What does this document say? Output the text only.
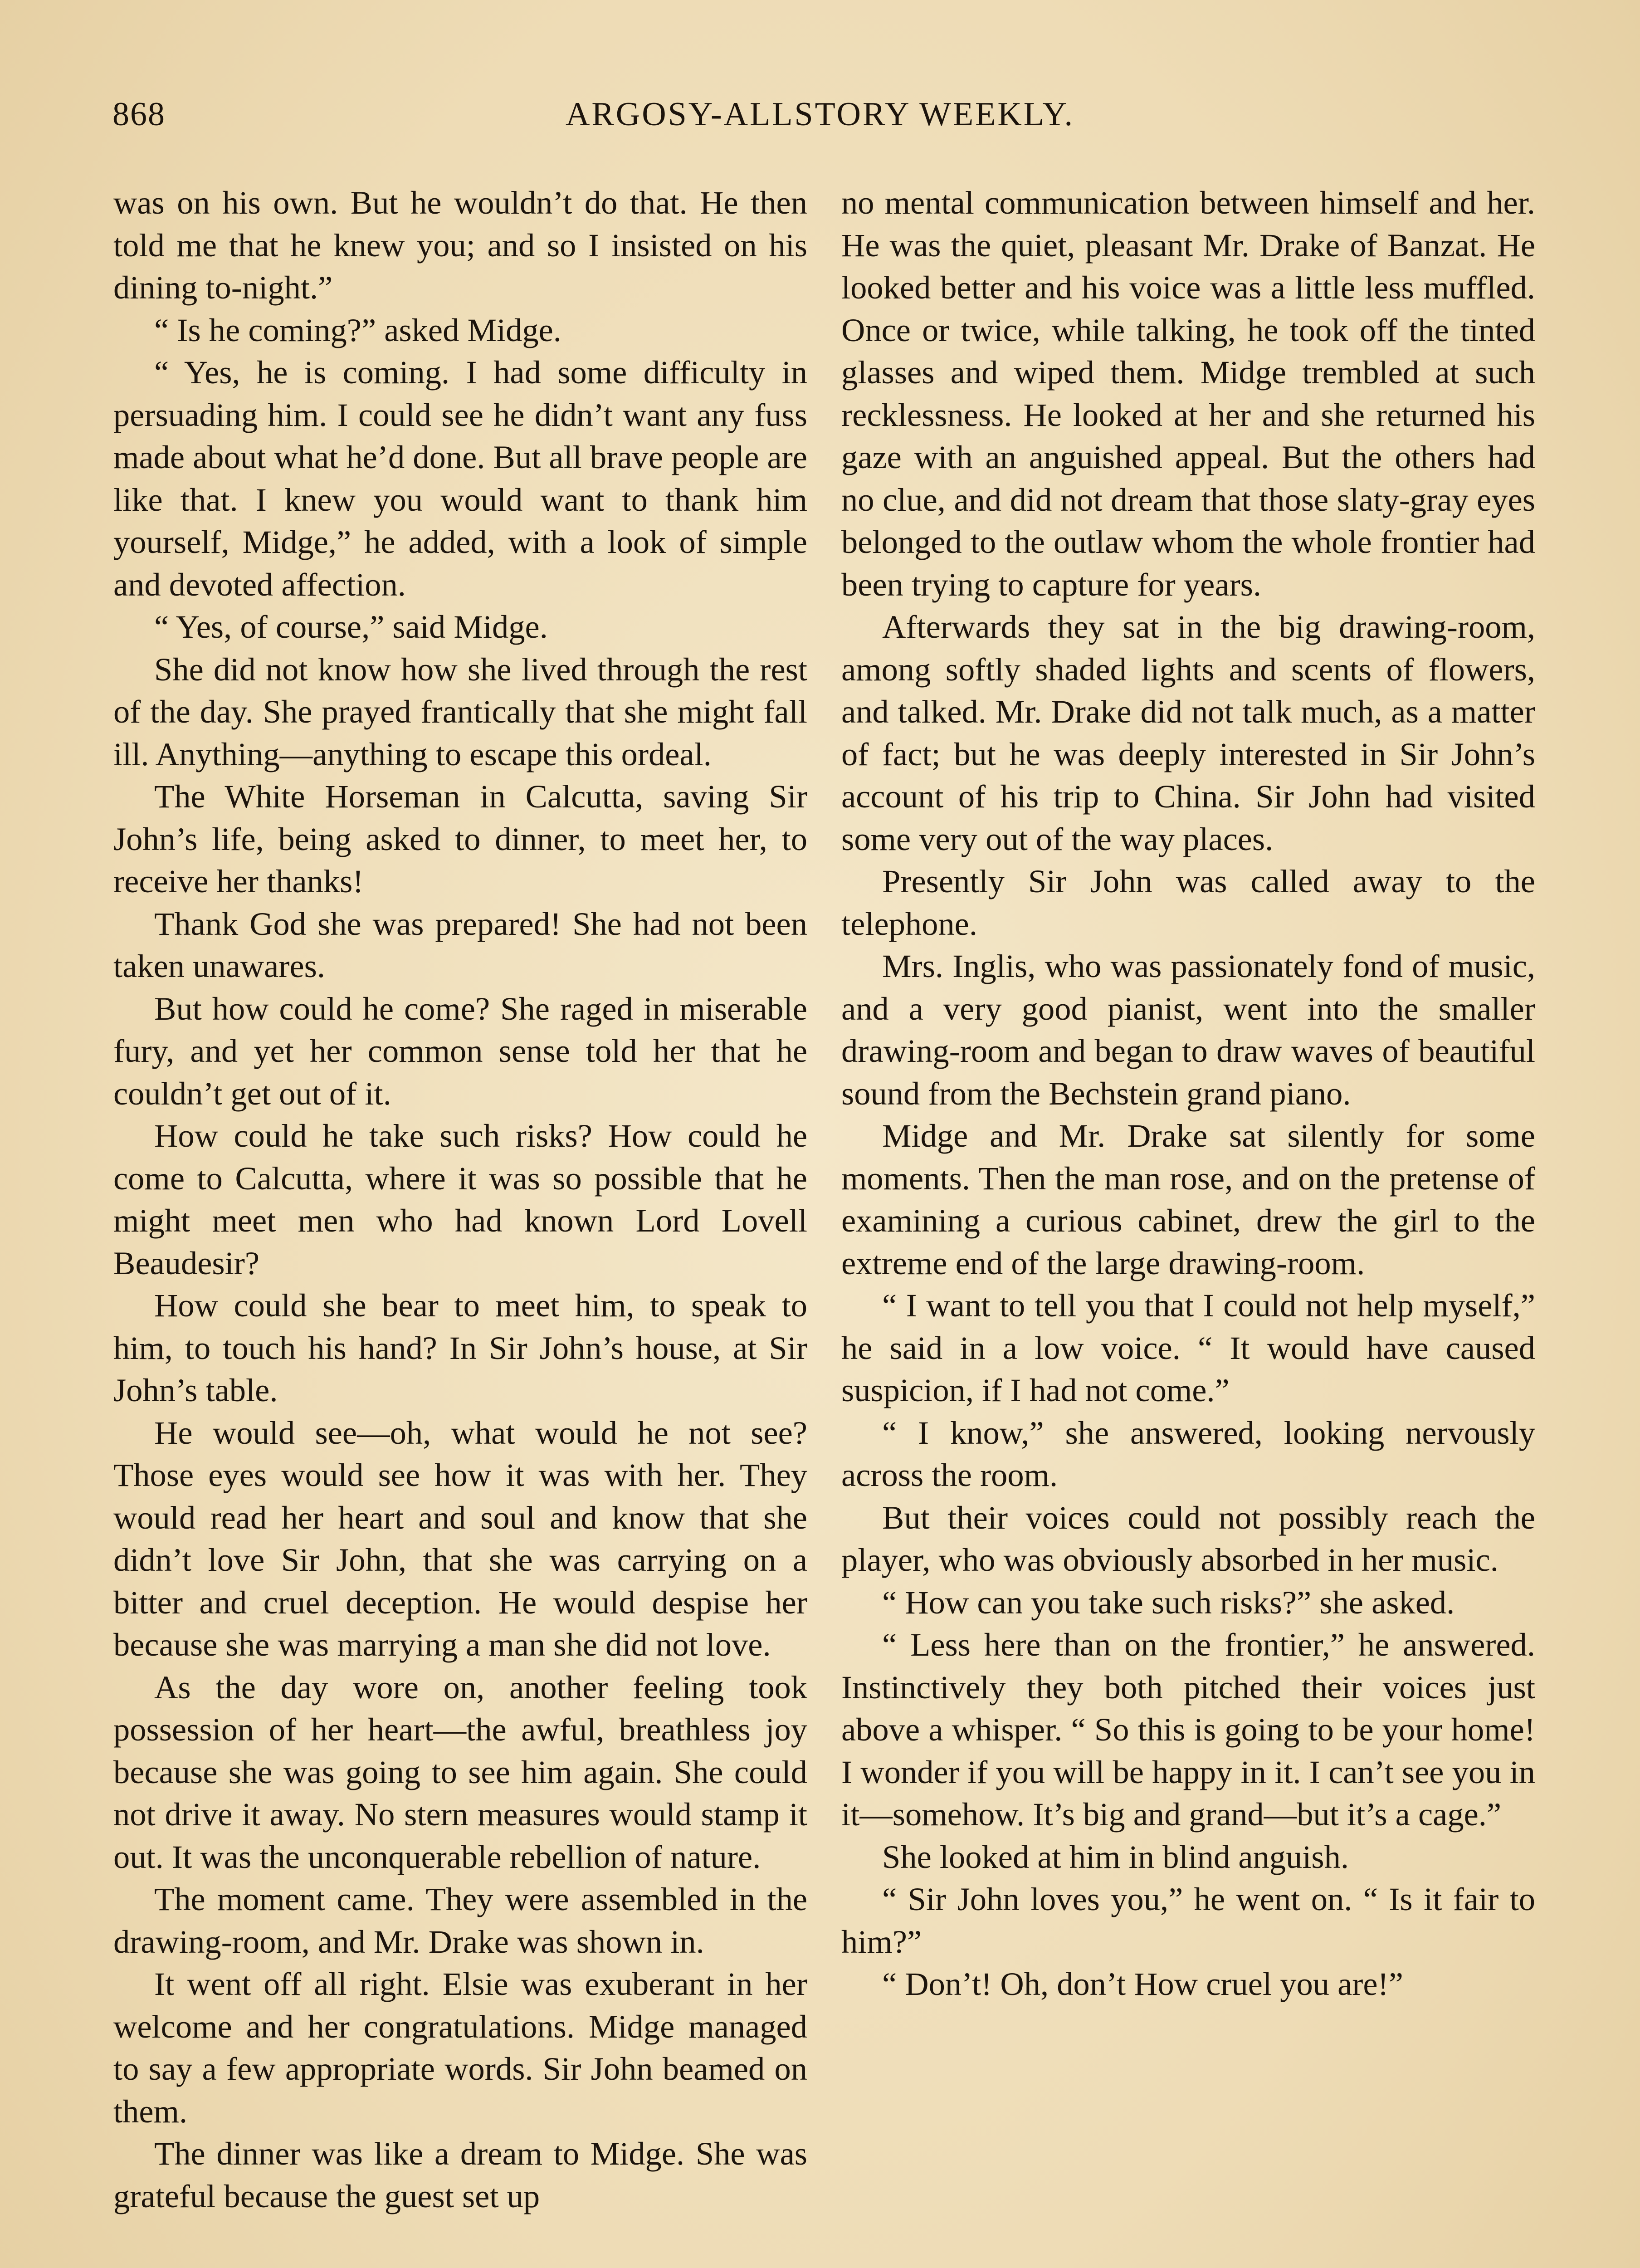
868	ARGOSY-ALLSTORY WEEKLY.

was on his own. But he wouldn’t do that. He then told me that he knew you; and so I insisted on his dining to-night.”

“ Is he coming?” asked Midge.

“ Yes, he is coming. I had some difficulty in persuading him. I could see he didn’t want any fuss made about what he’d done. But all brave people are like that. I knew you would want to thank him yourself, Midge,” he added, with a look of simple and devoted affection.

“ Yes, of course,” said Midge.

She did not know how she lived through the rest of the day. She prayed frantically that she might fall ill. Anything—anything to escape this ordeal.

The White Horseman in Calcutta, saving Sir John’s life, being asked to dinner, to meet her, to receive her thanks!

Thank God she was prepared! She had not been taken unawares.

But how could he come? She raged in miserable fury, and yet her common sense told her that he couldn’t get out of it.

How could he take such risks? How could he come to Calcutta, where it was so possible that he might meet men who had known Lord Lovell Beaudesir?

How could she bear to meet him, to speak to him, to touch his hand? In Sir John’s house, at Sir John’s table.

He would see—oh, what would he not see? Those eyes would see how it was with her. They would read her heart and soul and know that she didn’t love Sir John, that she was carrying on a bitter and cruel deception. He would despise her because she was marrying a man she did not love.

As the day wore on, another feeling took possession of her heart—the awful, breathless joy because she was going to see him again. She could not drive it away. No stern measures would stamp it out. It was the unconquerable rebellion of nature.

The moment came. They were assembled in the drawing-room, and Mr. Drake was shown in.

It went off all right. Elsie was exuberant in her welcome and her congratulations. Midge managed to say a few appropriate words. Sir John beamed on them.

The dinner was like a dream to Midge. She was grateful because the guest set up

no mental communication between himself and her. He was the quiet, pleasant Mr. Drake of Banzat. He looked better and his voice was a little less muffled. Once or twice, while talking, he took off the tinted glasses and wiped them. Midge trembled at such recklessness. He looked at her and she returned his gaze with an anguished appeal. But the others had no clue, and did not dream that those slaty-gray eyes belonged to the outlaw whom the whole frontier had been trying to capture for years.

Afterwards they sat in the big drawing-room, among softly shaded lights and scents of flowers, and talked. Mr. Drake did not talk much, as a matter of fact; but he was deeply interested in Sir John’s account of his trip to China. Sir John had visited some very out of the way places.

Presently Sir John was called away to the telephone.

Mrs. Inglis, who was passionately fond of music, and a very good pianist, went into the smaller drawing-room and began to draw waves of beautiful sound from the Bechstein grand piano.

Midge and Mr. Drake sat silently for some moments. Then the man rose, and on the pretense of examining a curious cabinet, drew the girl to the extreme end of the large drawing-room.

“ I want to tell you that I could not help myself,” he said in a low voice. “ It would have caused suspicion, if I had not come.”

“ I know,” she answered, looking nervously across the room.

But their voices could not possibly reach the player, who was obviously absorbed in her music.

“ How can you take such risks?” she asked.

“ Less here than on the frontier,” he answered. Instinctively they both pitched their voices just above a whisper. “ So this is going to be your home! I wonder if you will be happy in it. I can’t see you in it—somehow. It’s big and grand—but it’s a cage.”

She looked at him in blind anguish.

“ Sir John loves you,” he went on. “ Is it fair to him?”

“ Don’t! Oh, don’t How cruel you are!”
